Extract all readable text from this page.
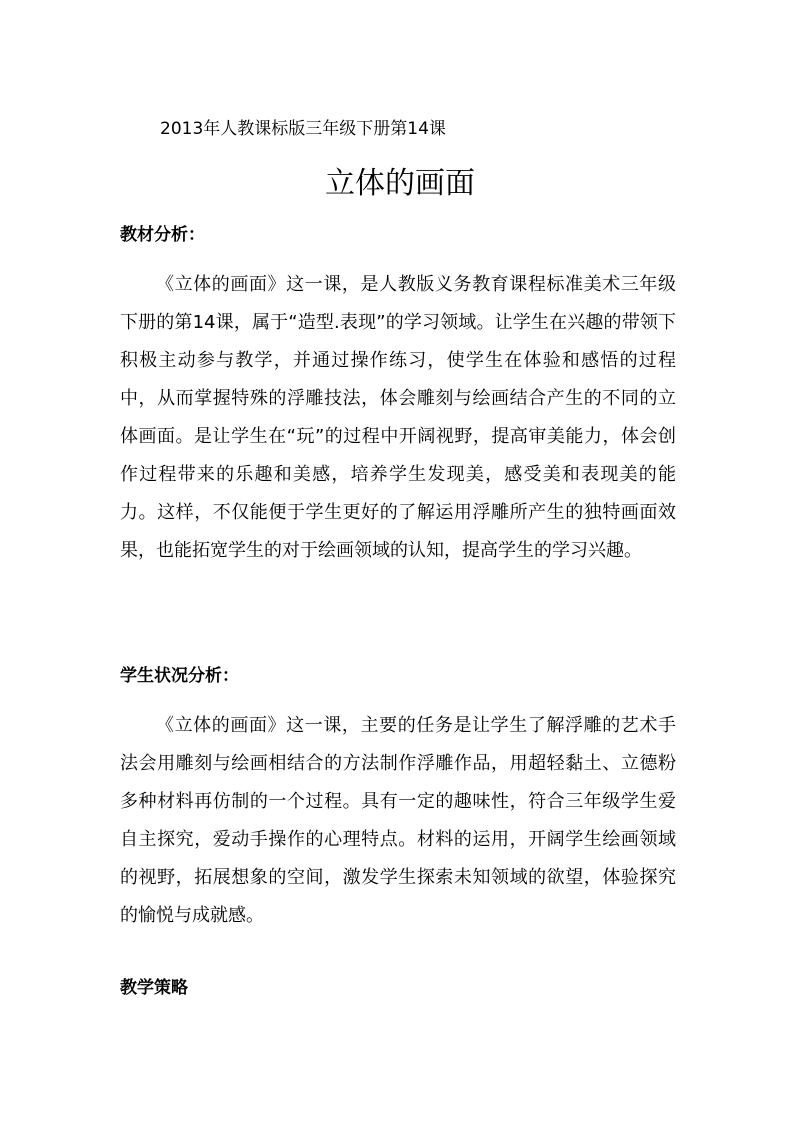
2013年人教课标版三年级下册第14课
立体的画面
教材分析：

《立体的画面》这一课，是人教版义务教育课程标准美术三年级下册的第14课，属于“造型.表现”的学习领域。让学生在兴趣的带领下积极主动参与教学，并通过操作练习，使学生在体验和感悟的过程中，从而掌握特殊的浮雕技法，体会雕刻与绘画结合产生的不同的立体画面。是让学生在“玩”的过程中开阔视野，提高审美能力，体会创作过程带来的乐趣和美感，培养学生发现美，感受美和表现美的能力。这样，不仅能便于学生更好的了解运用浮雕所产生的独特画面效果，也能拓宽学生的对于绘画领域的认知，提高学生的学习兴趣。

学生状况分析：

《立体的画面》这一课，主要的任务是让学生了解浮雕的艺术手法会用雕刻与绘画相结合的方法制作浮雕作品，用超轻黏土、立德粉多种材料再仿制的一个过程。具有一定的趣味性，符合三年级学生爱自主探究，爱动手操作的心理特点。材料的运用，开阔学生绘画领域的视野，拓展想象的空间，激发学生探索未知领域的欲望，体验探究的愉悦与成就感。

教学策略
